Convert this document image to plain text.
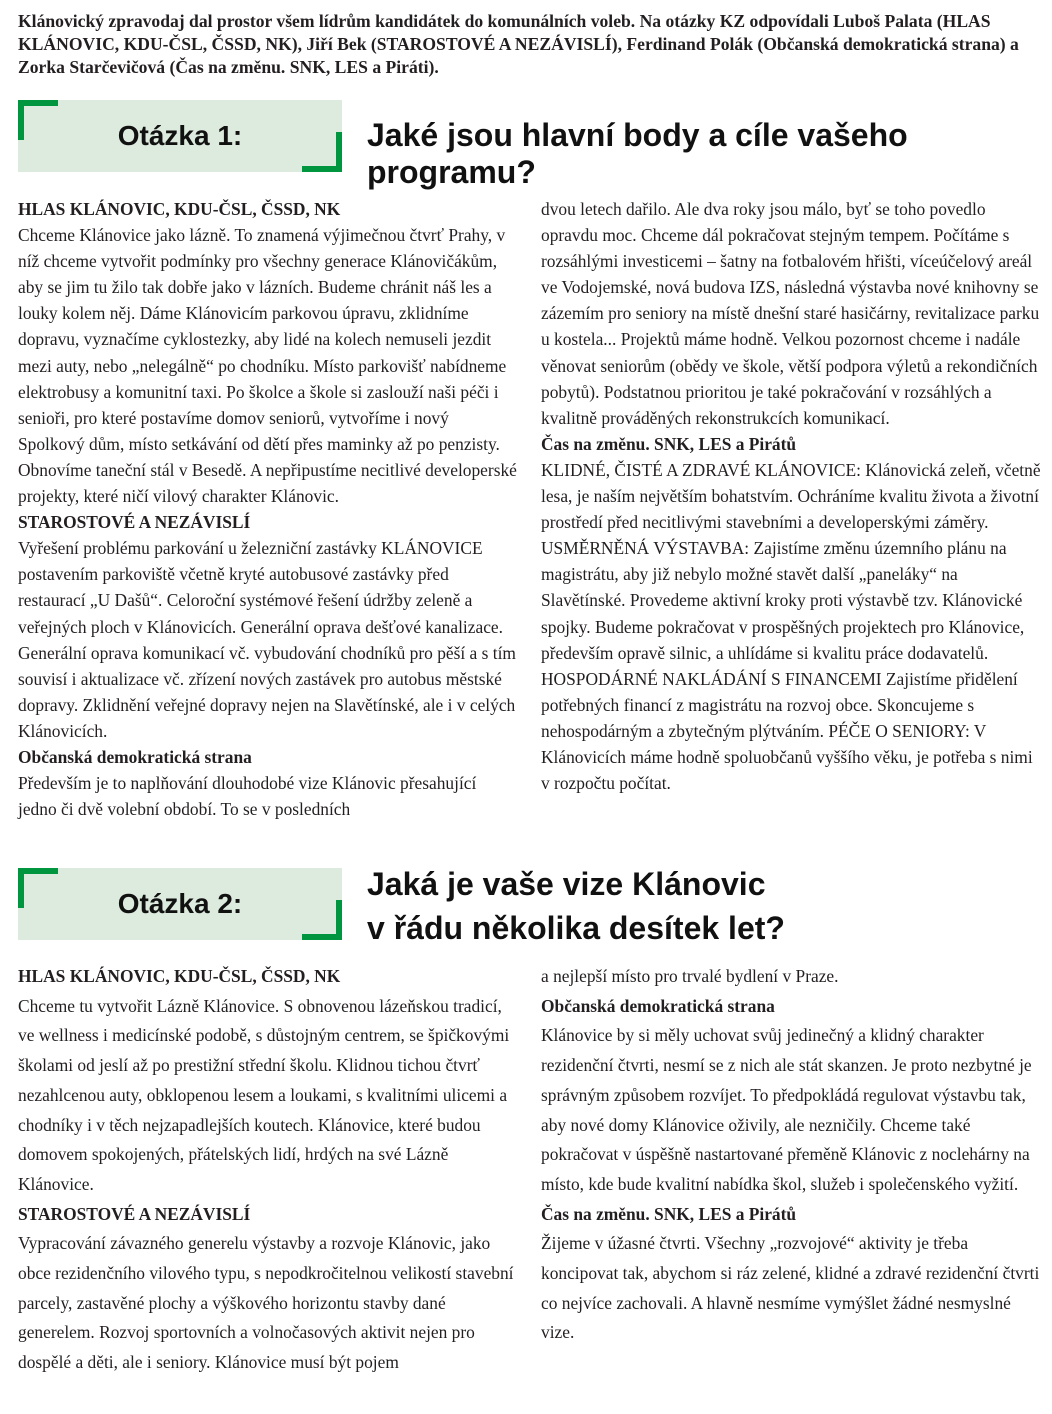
Klánovický zpravodaj dal prostor všem lídrům kandidátek do komunálních voleb. Na otázky KZ odpovídali Luboš Palata (HLAS KLÁNOVIC, KDU-ČSL, ČSSD, NK), Jiří Bek (STAROSTOVÉ A NEZÁVISLÍ), Ferdinand Polák (Občanská demokratická strana) a Zorka Starčevičová (Čas na změnu. SNK, LES a Piráti).
Otázka 1:	Jaké jsou hlavní body a cíle vašeho programu?

HLAS KLÁNOVIC, KDU-ČSL, ČSSD, NK

Chceme Klánovice jako lázně. To znamená výjimečnou čtvrť Prahy, v níž chceme vytvořit podmínky pro všechny generace Klánovičákům, aby se jim tu žilo tak dobře jako v lázních. Budeme chránit náš les a louky kolem něj. Dáme Klánovicím parkovou úpravu, zklidníme dopravu, vyznačíme cyklostezky, aby lidé na kolech nemuseli jezdit mezi auty, nebo „nelegálně“ po chodníku. Místo parkovišť nabídneme elektrobusy a komunitní taxi. Po školce a škole si zaslouží naši péči i senioři, pro které postavíme domov seniorů, vytvoříme i nový Spolkový dům, místo setkávání od dětí přes maminky až po penzisty. Obnovíme taneční stál v Besedě. A nepřipustíme necitlivé developerské projekty, které ničí vilový charakter Klánovic.

STAROSTOVÉ A NEZÁVISLÍ

Vyřešení problému parkování u železniční zastávky KLÁNOVICE postavením parkoviště včetně kryté autobusové zastávky před restaurací „U Dašů“. Celoroční systémové řešení údržby zeleně a veřejných ploch v Klánovicích. Generální oprava dešťové kanalizace. Generální oprava komunikací vč. vybudování chodníků pro pěší a s tím souvisí i aktualizace vč. zřízení nových zastávek pro autobus městské dopravy. Zklidnění veřejné dopravy nejen na Slavětínské, ale i v celých Klánovicích.

Občanská demokratická strana

Především je to naplňování dlouhodobé vize Klánovic přesahující jedno či dvě volební období. To se v posledních

dvou letech dařilo. Ale dva roky jsou málo, byť se toho povedlo opravdu moc. Chceme dál pokračovat stejným tempem. Počítáme s rozsáhlými investicemi – šatny na fotbalovém hřišti, víceúčelový areál ve Vodojemské, nová budova IZS, následná výstavba nové knihovny se zázemím pro seniory na místě dnešní staré hasičárny, revitalizace parku u kostela... Projektů máme hodně. Velkou pozornost chceme i nadále věnovat seniorům (obědy ve škole, větší podpora výletů a rekondičních pobytů). Podstatnou prioritou je také pokračování v rozsáhlých a kvalitně prováděných rekonstrukcích komunikací.

Čas na změnu. SNK, LES a Pirátů

KLIDNÉ, ČISTÉ A ZDRAVÉ KLÁNOVICE: Klánovická zeleň, včetně lesa, je naším největším bohatstvím. Ochráníme kvalitu života a životní prostředí před necitlivými stavebními a developerskými záměry. USMĚRNĚNÁ VÝSTAVBA: Zajistíme změnu územního plánu na magistrátu, aby již nebylo možné stavět další „paneláky“ na Slavětínské. Provedeme aktivní kroky proti výstavbě tzv. Klánovické spojky. Budeme pokračovat v prospěšných projektech pro Klánovice, především opravě silnic, a uhlídáme si kvalitu práce dodavatelů. HOSPODÁRNÉ NAKLÁDÁNÍ S FINANCEMI Zajistíme přidělení potřebných financí z magistrátu na rozvoj obce. Skoncujeme s nehospodárným a zbytečným plýtváním. PÉČE O SENIORY: V Klánovicích máme hodně spoluobčanů vyššího věku, je potřeba s nimi v rozpočtu počítat.

Otázka 2:
Jaká je vaše vize Klánovic
v řádu několika desítek let?

HLAS KLÁNOVIC, KDU-ČSL, ČSSD, NK

Chceme tu vytvořit Lázně Klánovice. S obnovenou lázeňskou tradicí, ve wellness i medicínské podobě, s důstojným centrem, se špičkovými školami od jeslí až po prestižní střední školu. Klidnou tichou čtvrť nezahlcenou auty, obklopenou lesem a loukami, s kvalitními ulicemi a chodníky i v těch nejzapadlejších koutech. Klánovice, které budou domovem spokojených, přátelských lidí, hrdých na své Lázně Klánovice.

STAROSTOVÉ A NEZÁVISLÍ

Vypracování závazného generelu výstavby a rozvoje Klánovic, jako obce rezidenčního vilového typu, s nepodkročitelnou velikostí stavební parcely, zastavěné plochy a výškového horizontu stavby dané generelem. Rozvoj sportovních a volnočasových aktivit nejen pro dospělé a děti, ale i seniory. Klánovice musí být pojem

a nejlepší místo pro trvalé bydlení v Praze.

Občanská demokratická strana

Klánovice by si měly uchovat svůj jedinečný a klidný charakter rezidenční čtvrti, nesmí se z nich ale stát skanzen. Je proto nezbytné je správným způsobem rozvíjet. To předpokládá regulovat výstavbu tak, aby nové domy Klánovice oživily, ale nezničily. Chceme také pokračovat v úspěšně nastartované přeměně Klánovic z noclehárny na místo, kde bude kvalitní nabídka škol, služeb i společenského vyžití.

Čas na změnu. SNK, LES a Pirátů

Žijeme v úžasné čtvrti. Všechny „rozvojové“ aktivity je třeba koncipovat tak, abychom si ráz zelené, klidné a zdravé rezidenční čtvrti co nejvíce zachovali. A hlavně nesmíme vymýšlet žádné nesmyslné vize.
